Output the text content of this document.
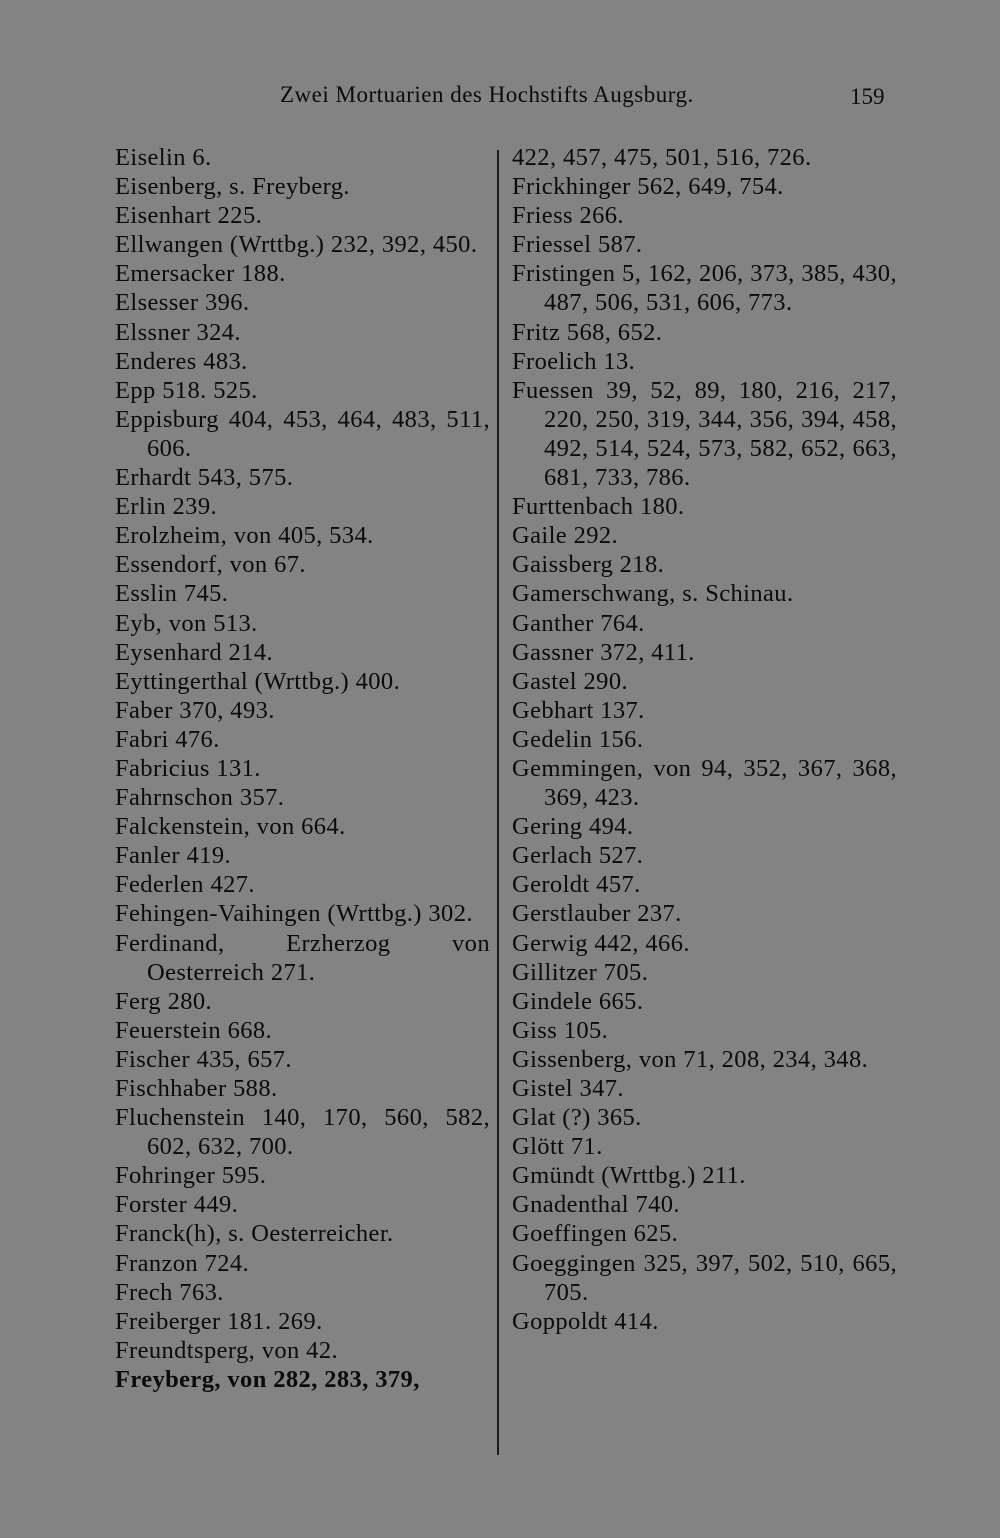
Zwei Mortuarien des Hochstifts Augsburg.	159

Eiselin 6.

Eisenberg, s. Freyberg.

Eisenhart 225.

Ellwangen (Wrttbg.) 232, 392, 450.

Emersacker 188.

Elsesser 396.

Elssner 324.

Enderes 483.

Epp 518. 525.

Eppisburg 404, 453, 464, 483, 511, 606.

Erhardt 543, 575.

Erlin 239.

Erolzheim, von 405, 534.

Essendorf, von 67.

Esslin 745.

Eyb, von 513.

Eysenhard 214.

Eyttingerthal (Wrttbg.) 400.

Faber 370, 493.

Fabri 476.

Fabricius 131.

Fahrnschon 357.

Falckenstein, von 664.

Fanler 419.

Federlen 427.

Fehingen-Vaihingen (Wrttbg.) 302.

Ferdinand, Erzherzog von Oesterreich 271.

Ferg 280.

Feuerstein 668.

Fischer 435, 657.

Fischhaber 588.

Fluchenstein 140, 170, 560, 582, 602, 632, 700.

Fohringer 595.

Forster 449.

Franck(h), s. Oesterreicher.

Franzon 724.

Frech 763.

Freiberger 181. 269.

Freundtsperg, von 42.

Freyberg, von 282, 283, 379,

422, 457, 475, 501, 516, 726.

Frickhinger 562, 649, 754.

Friess 266.

Friessel 587.

Fristingen 5, 162, 206, 373, 385, 430, 487, 506, 531, 606, 773.

Fritz 568, 652.

Froelich 13.

Fuessen 39, 52, 89, 180, 216, 217, 220, 250, 319, 344, 356, 394, 458, 492, 514, 524, 573, 582, 652, 663, 681, 733, 786.

Furttenbach 180.

Gaile 292.

Gaissberg 218.

Gamerschwang, s. Schinau.

Ganther 764.

Gassner 372, 411.

Gastel 290.

Gebhart 137.

Gedelin 156.

Gemmingen, von 94, 352, 367, 368, 369, 423.

Gering 494.

Gerlach 527.

Geroldt 457.

Gerstlauber 237.

Gerwig 442, 466.

Gillitzer 705.

Gindele 665.

Giss 105.

Gissenberg, von 71, 208, 234, 348.

Gistel 347.

Glat (?) 365.

Glött 71.

Gmündt (Wrttbg.) 211.

Gnadenthal 740.

Goeffingen 625.

Goeggingen 325, 397, 502, 510, 665, 705.

Goppoldt 414.
